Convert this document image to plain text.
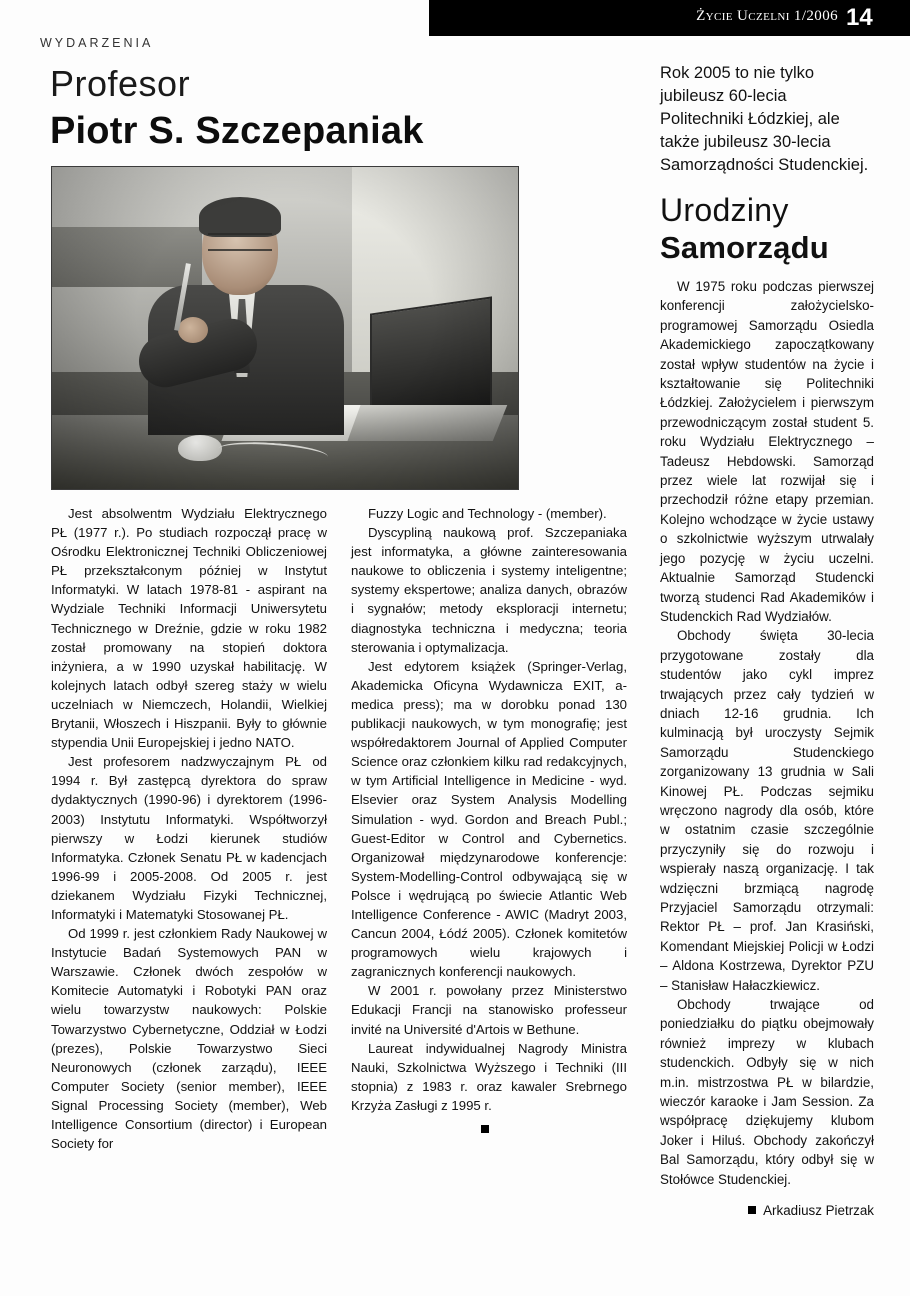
Życie Uczelni 1/2006 14
WYDARZENIA
Profesor
Piotr S. Szczepaniak

Jest absolwentm Wydziału Elektrycznego PŁ (1977 r.). Po studiach rozpoczął pracę w Ośrodku Elektronicznej Techniki Obliczeniowej PŁ przekształconym później w Instytut Informatyki. W latach 1978-81 - aspirant na Wydziale Techniki Informacji Uniwersytetu Technicznego w Dreźnie, gdzie w roku 1982 został promowany na stopień doktora inżyniera, a w 1990 uzyskał habilitację. W kolejnych latach odbył szereg staży w wielu uczelniach w Niemczech, Holandii, Wielkiej Brytanii, Włoszech i Hiszpanii. Były to głównie stypendia Unii Europejskiej i jedno NATO.

Jest profesorem nadzwyczajnym PŁ od 1994 r. Był zastępcą dyrektora do spraw dydaktycznych (1990-96) i dyrektorem (1996-2003) Instytutu Informatyki. Współtworzył pierwszy w Łodzi kierunek studiów Informatyka. Członek Senatu PŁ w kadencjach 1996-99 i 2005-2008. Od 2005 r. jest dziekanem Wydziału Fizyki Technicznej, Informatyki i Matematyki Stosowanej PŁ.

Od 1999 r. jest członkiem Rady Naukowej w Instytucie Badań Systemowych PAN w Warszawie. Członek dwóch zespołów w Komitecie Automatyki i Robotyki PAN oraz wielu towarzystw naukowych: Polskie Towarzystwo Cybernetyczne, Oddział w Łodzi (prezes), Polskie Towarzystwo Sieci Neuronowych (członek zarządu), IEEE Computer Society (senior member), IEEE Signal Processing Society (member), Web Intelligence Consortium (director) i European Society for

Fuzzy Logic and Technology - (member).

Dyscypliną naukową prof. Szczepaniaka jest informatyka, a główne zainteresowania naukowe to obliczenia i systemy inteligentne; systemy ekspertowe; analiza danych, obrazów i sygnałów; metody eksploracji internetu; diagnostyka techniczna i medyczna; teoria sterowania i optymalizacja.

Jest edytorem książek (Springer-Verlag, Akademicka Oficyna Wydawnicza EXIT, a-medica press); ma w dorobku ponad 130 publikacji naukowych, w tym monografię; jest współredaktorem Journal of Applied Computer Science oraz członkiem kilku rad redakcyjnych, w tym Artificial Intelligence in Medicine - wyd. Elsevier oraz System Analysis Modelling Simulation - wyd. Gordon and Breach Publ.; Guest-Editor w Control and Cybernetics. Organizował międzynarodowe konferencje: System-Modelling-Control odbywającą się w Polsce i wędrującą po świecie Atlantic Web Intelligence Conference - AWIC (Madryt 2003, Cancun 2004, Łódź 2005). Członek komitetów programowych wielu krajowych i zagranicznych konferencji naukowych.

W 2001 r. powołany przez Ministerstwo Edukacji Francji na stanowisko professeur invité na Université d'Artois w Bethune.

Laureat indywidualnej Nagrody Ministra Nauki, Szkolnictwa Wyższego i Techniki (III stopnia) z 1983 r. oraz kawaler Srebrnego Krzyża Zasługi z 1995 r.

Rok 2005 to nie tylko jubileusz 60-lecia Politechniki Łódzkiej, ale także jubileusz 30-lecia Samorządności Studenckiej.

Urodziny
Samorządu

W 1975 roku podczas pierwszej konferencji założycielsko-programowej Samorządu Osiedla Akademickiego zapoczątkowany został wpływ studentów na życie i kształtowanie się Politechniki Łódzkiej. Założycielem i pierwszym przewodniczącym został student 5. roku Wydziału Elektrycznego – Tadeusz Hebdowski. Samorząd przez wiele lat rozwijał się i przechodził różne etapy przemian. Kolejno wchodzące w życie ustawy o szkolnictwie wyższym utrwalały jego pozycję w życiu uczelni. Aktualnie Samorząd Studencki tworzą studenci Rad Akademików i Studenckich Rad Wydziałów.

Obchody święta 30-lecia przygotowane zostały dla studentów jako cykl imprez trwających przez cały tydzień w dniach 12-16 grudnia. Ich kulminacją był uroczysty Sejmik Samorządu Studenckiego zorganizowany 13 grudnia w Sali Kinowej PŁ. Podczas sejmiku wręczono nagrody dla osób, które w ostatnim czasie szczególnie przyczyniły się do rozwoju i wspierały naszą organizację. I tak wdzięczni brzmiącą nagrodę Przyjaciel Samorządu otrzymali: Rektor PŁ – prof. Jan Krasiński, Komendant Miejskiej Policji w Łodzi – Aldona Kostrzewa, Dyrektor PZU – Stanisław Hałaczkiewicz.

Obchody trwające od poniedziałku do piątku obejmowały również imprezy w klubach studenckich. Odbyły się w nich m.in. mistrzostwa PŁ w bilardzie, wieczór karaoke i Jam Session. Za współpracę dziękujemy klubom Joker i Hiluś. Obchody zakończył Bal Samorządu, który odbył się w Stołówce Studenckiej.

Arkadiusz Pietrzak
